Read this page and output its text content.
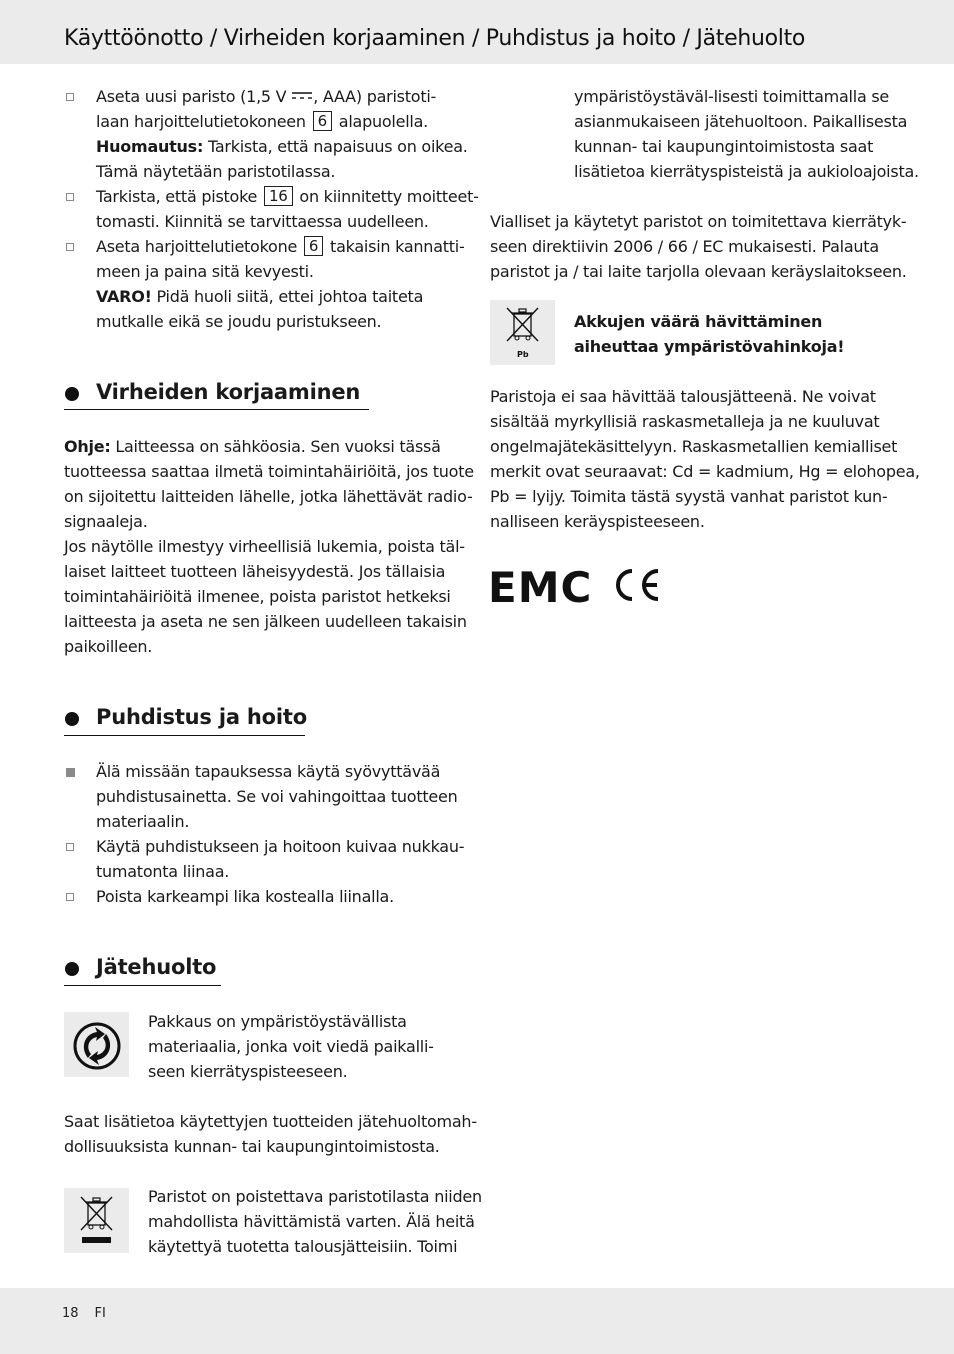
Käyttöönotto / Virheiden korjaaminen / Puhdistus ja hoito / Jätehuolto
Aseta uusi paristo (1,5 V , AAA) paristoti-
laan harjoittelutietokoneen 6 alapuolella.
Huomautus: Tarkista, että napaisuus on oikea.
Tämä näytetään paristotilassa.
Tarkista, että pistoke 16 on kiinnitetty moitteet-
tomasti. Kiinnitä se tarvittaessa uudelleen.
Aseta harjoittelutietokone 6 takaisin kannatti-
meen ja paina sitä kevyesti.
VARO! Pidä huoli siitä, ettei johtoa taiteta
mutkalle eikä se joudu puristukseen.
Virheiden korjaaminen
Ohje: Laitteessa on sähköosia. Sen vuoksi tässä
tuotteessa saattaa ilmetä toimintahäiriöitä, jos tuote
on sijoitettu laitteiden lähelle, jotka lähettävät radio-
signaaleja.
Jos näytölle ilmestyy virheellisiä lukemia, poista täl-
laiset laitteet tuotteen läheisyydestä. Jos tällaisia
toimintahäiriöitä ilmenee, poista paristot hetkeksi
laitteesta ja aseta ne sen jälkeen uudelleen takaisin
paikoilleen.
Puhdistus ja hoito
Älä missään tapauksessa käytä syövyttävää
puhdistusainetta. Se voi vahingoittaa tuotteen
materiaalin.
Käytä puhdistukseen ja hoitoon kuivaa nukkau-
tumatonta liinaa.
Poista karkeampi lika kostealla liinalla.
Jätehuolto
Pakkaus on ympäristöystävällista
materiaalia, jonka voit viedä paikalli-
seen kierrätyspisteeseen.
Saat lisätietoa käytettyjen tuotteiden jätehuoltomah-
dollisuuksista kunnan- tai kaupungintoimistosta.
Paristot on poistettava paristotilasta niiden
mahdollista hävittämistä varten. Älä heitä
käytettyä tuotetta talousjätteisiin. Toimi
ympäristöystäväl-lisesti toimittamalla se
asianmukaiseen jätehuoltoon. Paikallisesta
kunnan- tai kaupungintoimistosta saat
lisätietoa kierrätyspisteistä ja aukioloajoista.
Vialliset ja käytetyt paristot on toimitettava kierrätyk-
seen direktiivin 2006 / 66 / EC mukaisesti. Palauta
paristot ja / tai laite tarjolla olevaan keräyslaitokseen.
Pb
Akkujen väärä hävittäminen
aiheuttaa ympäristövahinkoja!
Paristoja ei saa hävittää talousjätteenä. Ne voivat
sisältää myrkyllisiä raskasmetalleja ja ne kuuluvat
ongelmajätekäsittelyyn. Raskasmetallien kemialliset
merkit ovat seuraavat: Cd = kadmium, Hg = elohopea,
Pb = lyijy. Toimita tästä syystä vanhat paristot kun-
nalliseen keräyspisteeseen.
EMC
18 FI
